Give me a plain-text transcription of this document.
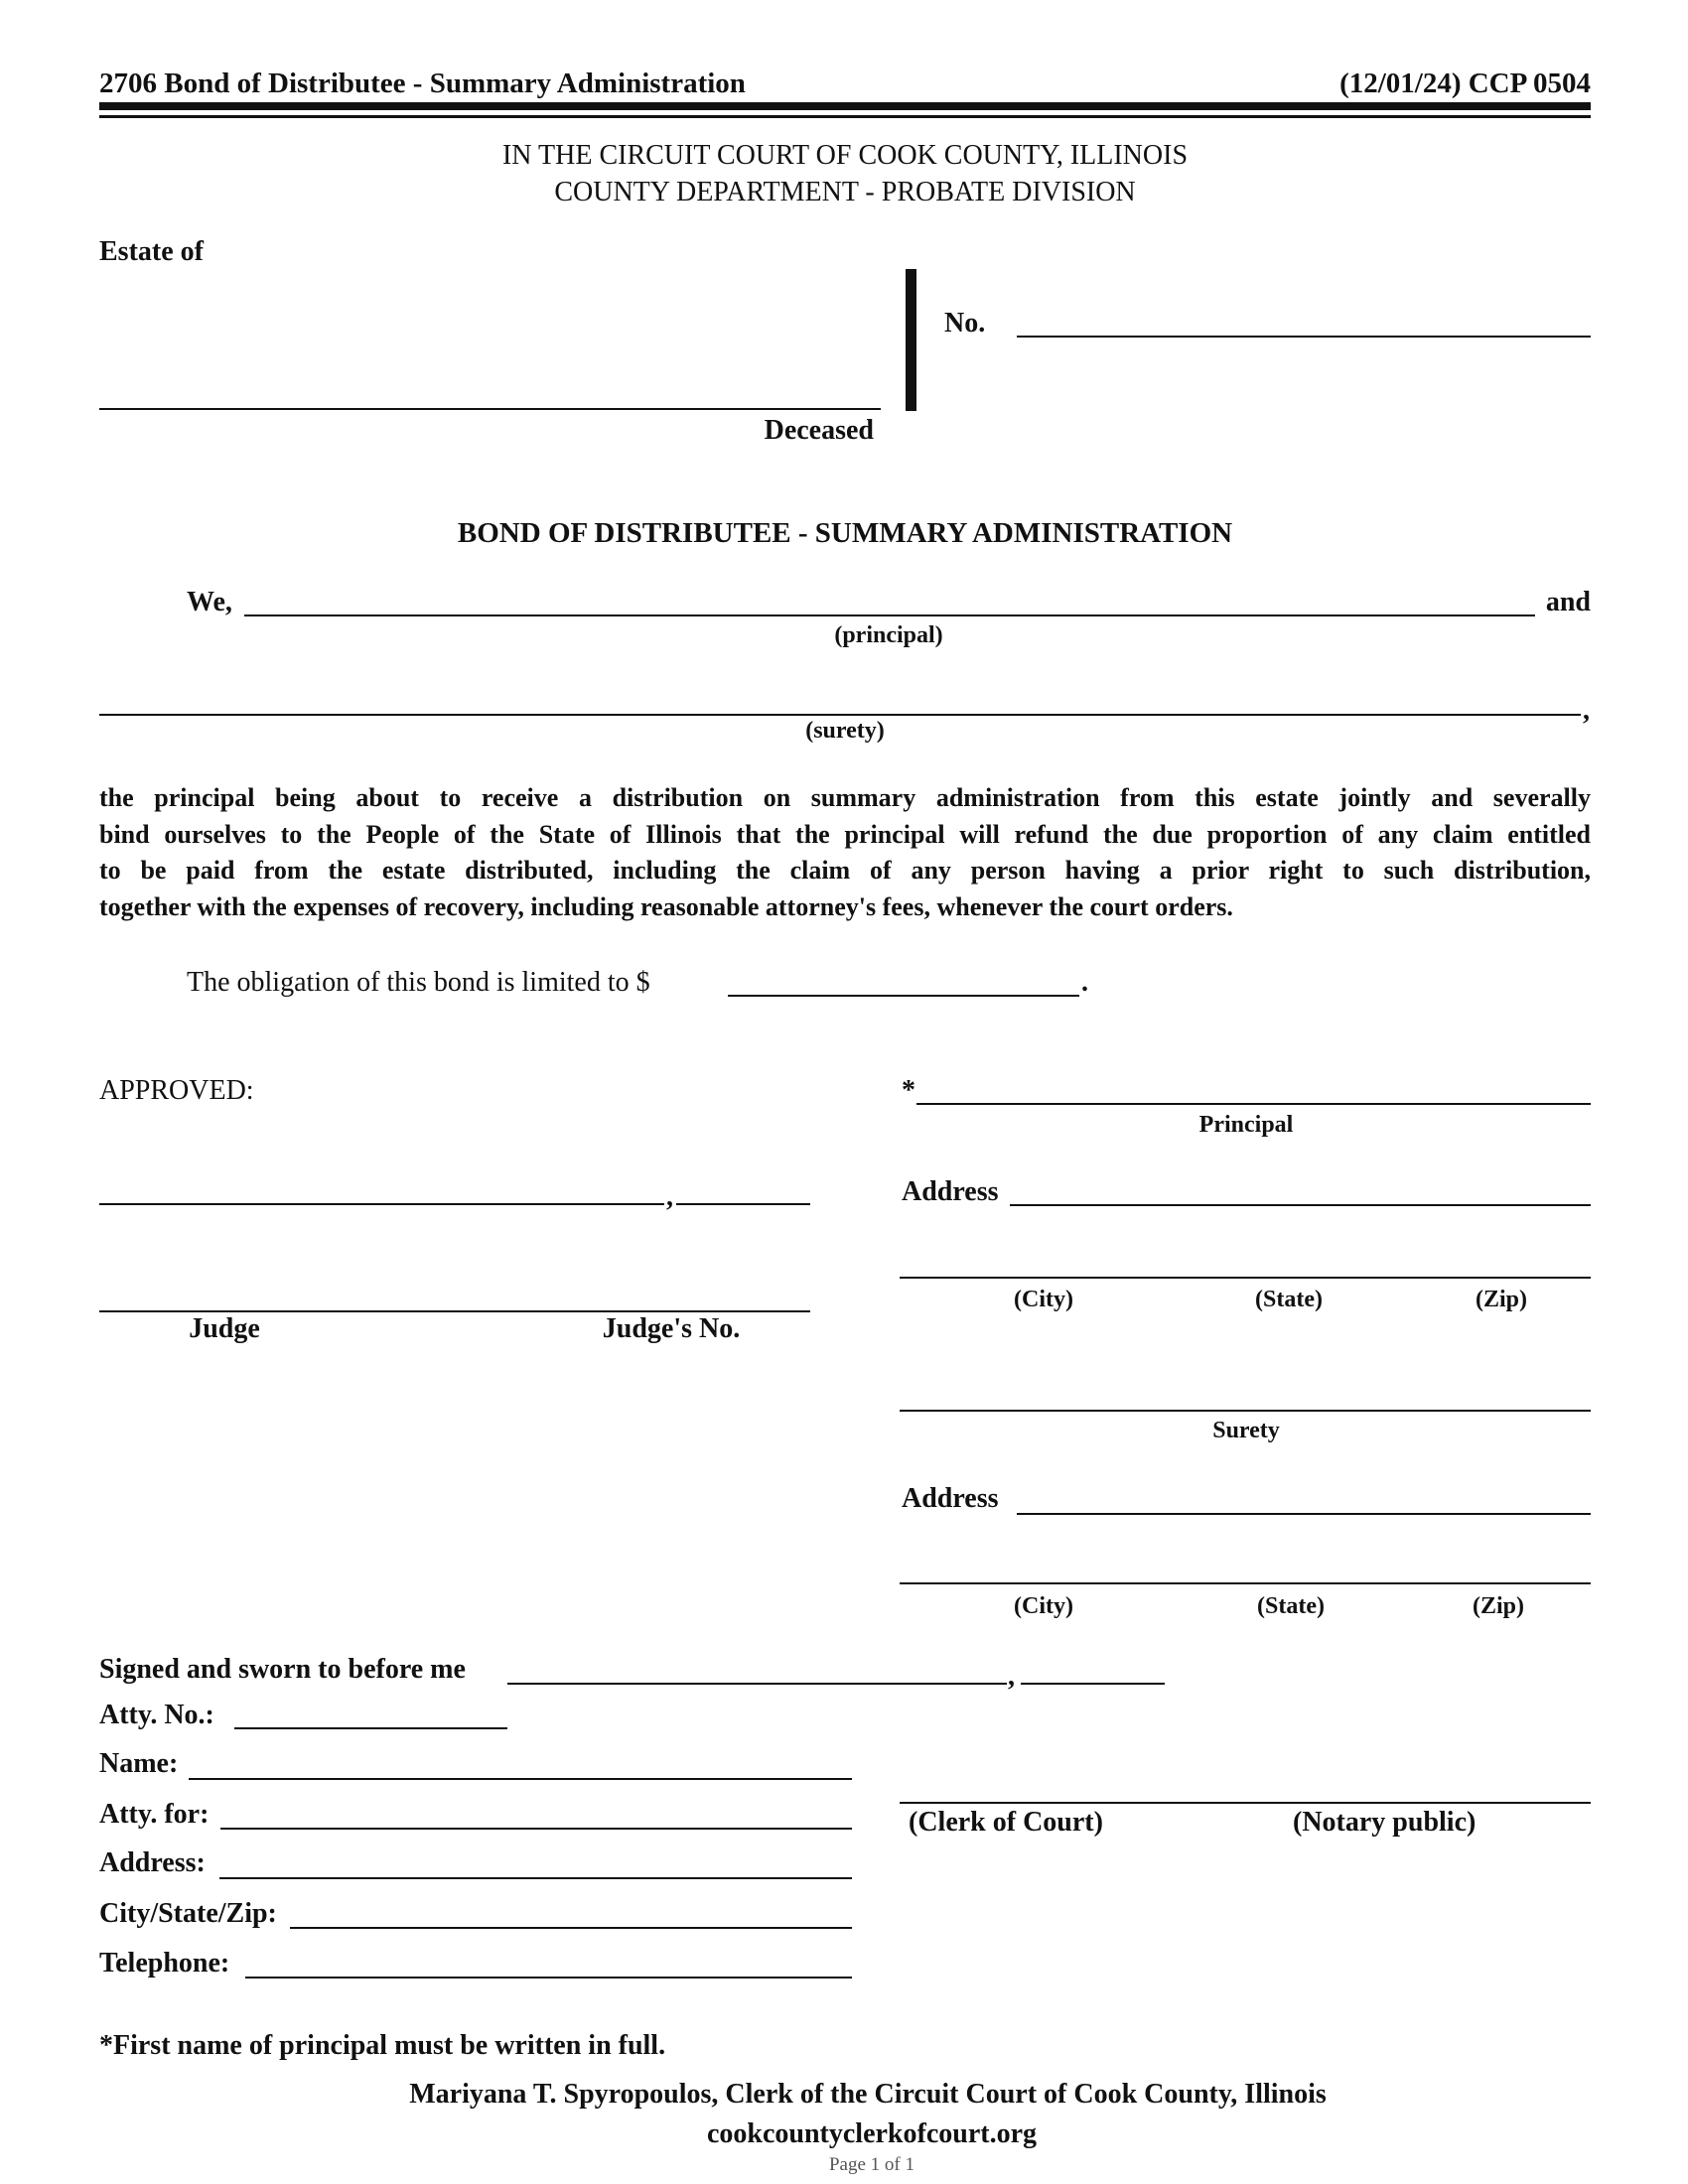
2706 Bond of Distributee - Summary Administration	(12/01/24) CCP 0504
IN THE CIRCUIT COURT OF COOK COUNTY, ILLINOIS
COUNTY DEPARTMENT - PROBATE DIVISION
Estate of
Deceased
No.
BOND OF DISTRIBUTEE - SUMMARY ADMINISTRATION
We,	and
(principal)
,
(surety)
the principal being about to receive a distribution on summary administration from this estate jointly and severally
bind ourselves to the People of the State of Illinois that the principal will refund the due proportion of any claim entitled
to be paid from the estate distributed, including the claim of any person having a prior right to such distribution,
together with the expenses of recovery, including reasonable attorney's fees, whenever the court orders.
The obligation of this bond is limited to $	.
APPROVED:
,
Judge	Judge's No.
*
Principal
Address
(City)	(State)	(Zip)
Surety
Address
(City)	(State)	(Zip)
Signed and sworn to before me	,
(Clerk of Court)	(Notary public)
Atty. No.:
Name:
Atty. for:
Address:
City/State/Zip:
Telephone:
*First name of principal must be written in full.
Mariyana T. Spyropoulos, Clerk of the Circuit Court of Cook County, Illinois
cookcountyclerkofcourt.org
Page 1 of 1
